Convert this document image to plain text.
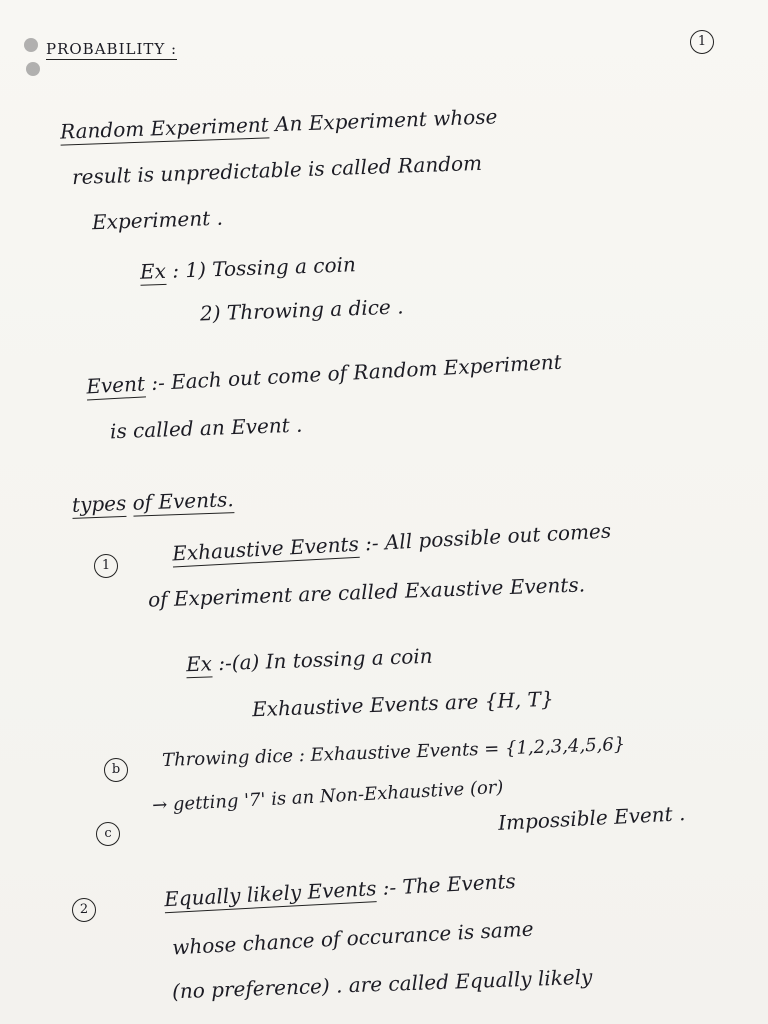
PROBABILITY :	1
Random Experiment An Experiment whose
result is unpredictable is called Random
Experiment .
Ex : 1) Tossing a coin
2) Throwing a dice .
Event :- Each out come of Random Experiment
is called an Event .
types of Events.
1
Exhaustive Events :- All possible out comes
of Experiment are called Exaustive Events.
Ex :-(a) In tossing a coin
Exhaustive Events are {H, T}
b	Throwing dice : Exhaustive Events = {1,2,3,4,5,6}
→ getting '7' is an Non-Exhaustive (or)
c	Impossible Event .
2	Equally likely Events :- The Events
whose chance of occurance is same
(no preference) . are called Equally likely
